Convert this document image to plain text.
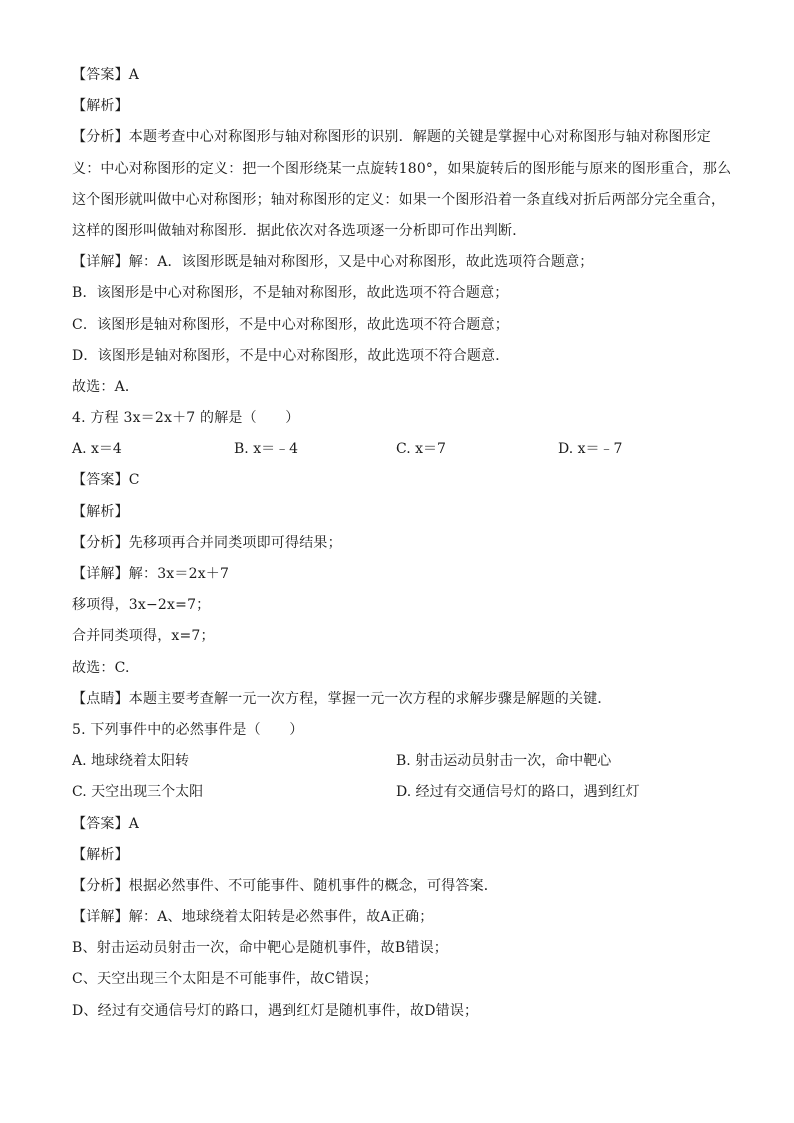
【答案】A
【解析】
【分析】本题考查中心对称图形与轴对称图形的识别．解题的关键是掌握中心对称图形与轴对称图形定
义：中心对称图形的定义：把一个图形绕某一点旋转180°，如果旋转后的图形能与原来的图形重合，那么
这个图形就叫做中心对称图形；轴对称图形的定义：如果一个图形沿着一条直线对折后两部分完全重合，
这样的图形叫做轴对称图形．据此依次对各选项逐一分析即可作出判断．
【详解】解：A．该图形既是轴对称图形，又是中心对称图形，故此选项符合题意；
B．该图形是中心对称图形，不是轴对称图形，故此选项不符合题意；
C．该图形是轴对称图形，不是中心对称图形，故此选项不符合题意；
D．该图形是轴对称图形，不是中心对称图形，故此选项不符合题意．
故选：A．
4. 方程 3x＝2x＋7 的解是（　　）
A. x＝4	B. x＝﹣4	C. x＝7	D. x＝﹣7
【答案】C
【解析】
【分析】先移项再合并同类项即可得结果；
【详解】解：3x＝2x＋7
移项得，3x−2x=7；
合并同类项得，x=7；
故选：C.
【点睛】本题主要考查解一元一次方程，掌握一元一次方程的求解步骤是解题的关键．
5. 下列事件中的必然事件是（　　）
A. 地球绕着太阳转	B. 射击运动员射击一次，命中靶心
C. 天空出现三个太阳	D. 经过有交通信号灯的路口，遇到红灯
【答案】A
【解析】
【分析】根据必然事件、不可能事件、随机事件的概念，可得答案．
【详解】解：A、地球绕着太阳转是必然事件，故A正确；
B、射击运动员射击一次，命中靶心是随机事件，故B错误；
C、天空出现三个太阳是不可能事件，故C错误；
D、经过有交通信号灯的路口，遇到红灯是随机事件，故D错误；
